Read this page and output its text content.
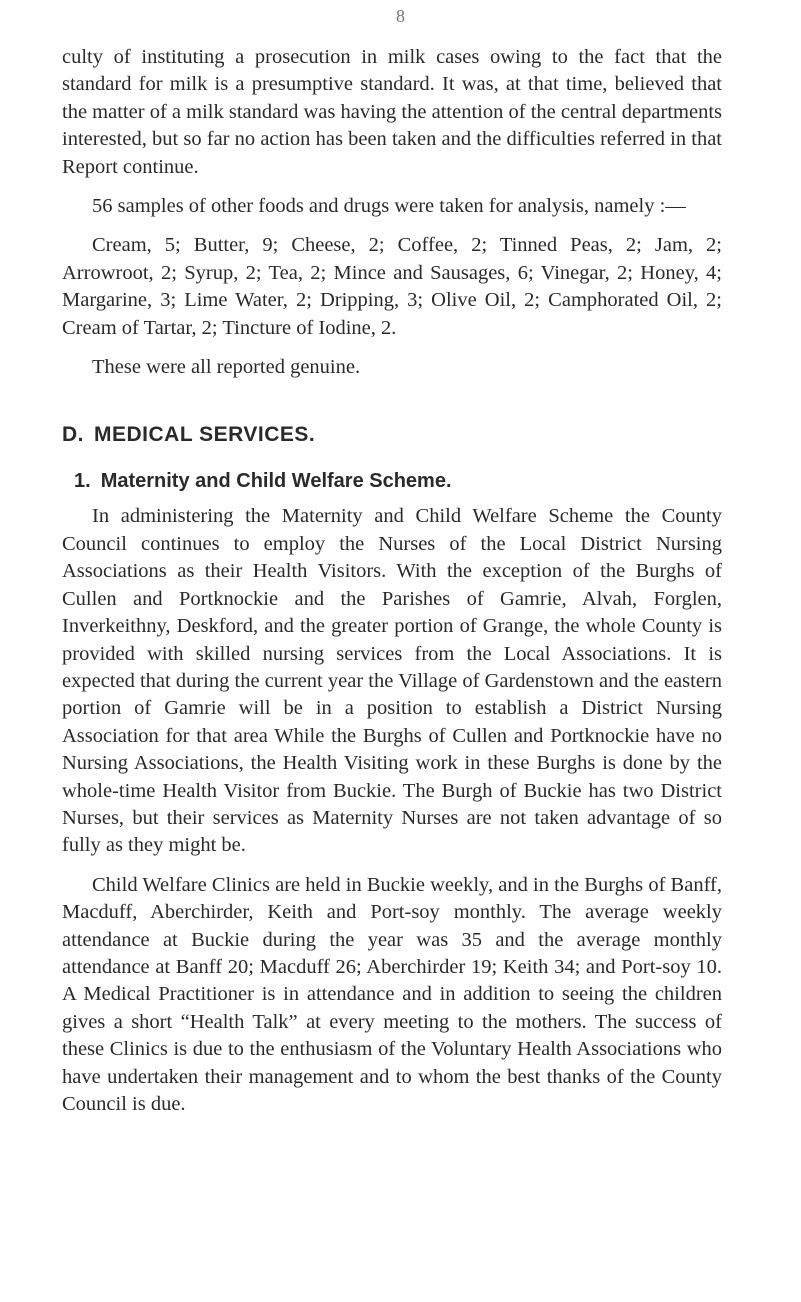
8

culty of instituting a prosecution in milk cases owing to the fact that the standard for milk is a presumptive standard. It was, at that time, believed that the matter of a milk standard was having the attention of the central departments interested, but so far no action has been taken and the difficulties referred in that Report continue.

56 samples of other foods and drugs were taken for analysis, namely :—

Cream, 5; Butter, 9; Cheese, 2; Coffee, 2; Tinned Peas, 2; Jam, 2; Arrowroot, 2; Syrup, 2; Tea, 2; Mince and Sausages, 6; Vinegar, 2; Honey, 4; Margarine, 3; Lime Water, 2; Dripping, 3; Olive Oil, 2; Camphorated Oil, 2; Cream of Tartar, 2; Tincture of Iodine, 2.

These were all reported genuine.

D. MEDICAL SERVICES.
1. Maternity and Child Welfare Scheme.

In administering the Maternity and Child Welfare Scheme the County Council continues to employ the Nurses of the Local District Nursing Associations as their Health Visitors. With the exception of the Burghs of Cullen and Portknockie and the Parishes of Gamrie, Alvah, Forglen, Inverkeithny, Deskford, and the greater portion of Grange, the whole County is provided with skilled nursing services from the Local Associations. It is expected that during the current year the Village of Gardenstown and the eastern portion of Gamrie will be in a position to establish a District Nursing Association for that area While the Burghs of Cullen and Portknockie have no Nursing Associations, the Health Visiting work in these Burghs is done by the whole-time Health Visitor from Buckie. The Burgh of Buckie has two District Nurses, but their services as Maternity Nurses are not taken advantage of so fully as they might be.

Child Welfare Clinics are held in Buckie weekly, and in the Burghs of Banff, Macduff, Aberchirder, Keith and Port-soy monthly. The average weekly attendance at Buckie during the year was 35 and the average monthly attendance at Banff 20; Macduff 26; Aberchirder 19; Keith 34; and Port-soy 10. A Medical Practitioner is in attendance and in addition to seeing the children gives a short “Health Talk” at every meeting to the mothers. The success of these Clinics is due to the enthusiasm of the Voluntary Health Associations who have undertaken their management and to whom the best thanks of the County Council is due.
